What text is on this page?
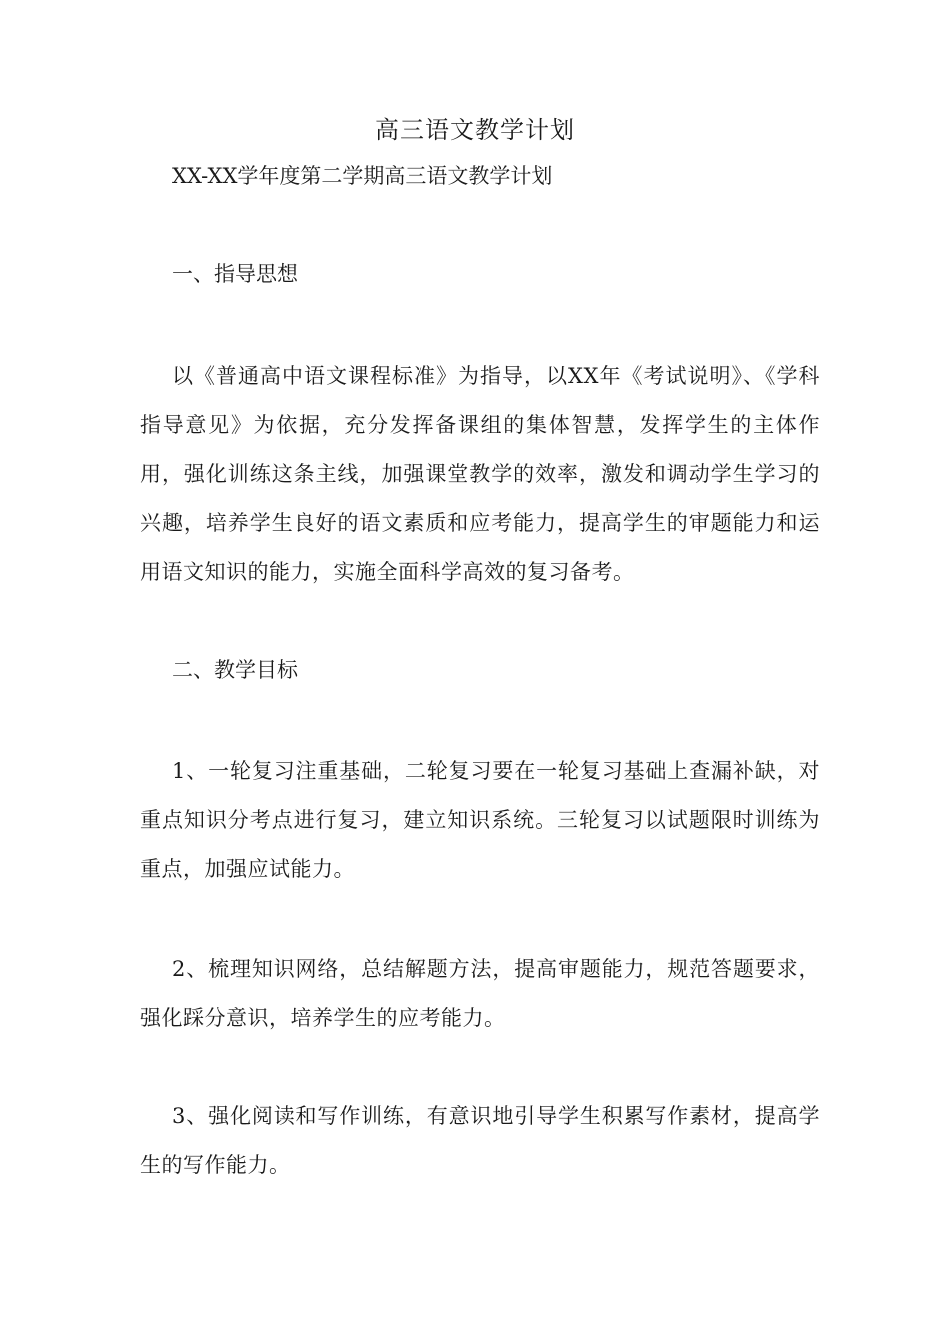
高三语文教学计划
XX-XX学年度第二学期高三语文教学计划
一、指导思想
以《普通高中语文课程标准》为指导，以XX年《考试说明》、《学科指导意见》为依据，充分发挥备课组的集体智慧，发挥学生的主体作用，强化训练这条主线，加强课堂教学的效率，激发和调动学生学习的兴趣，培养学生良好的语文素质和应考能力，提高学生的审题能力和运用语文知识的能力，实施全面科学高效的复习备考。
二、教学目标
1、一轮复习注重基础，二轮复习要在一轮复习基础上查漏补缺，对重点知识分考点进行复习，建立知识系统。三轮复习以试题限时训练为重点，加强应试能力。
2、梳理知识网络，总结解题方法，提高审题能力，规范答题要求，强化踩分意识，培养学生的应考能力。
3、强化阅读和写作训练，有意识地引导学生积累写作素材，提高学生的写作能力。
